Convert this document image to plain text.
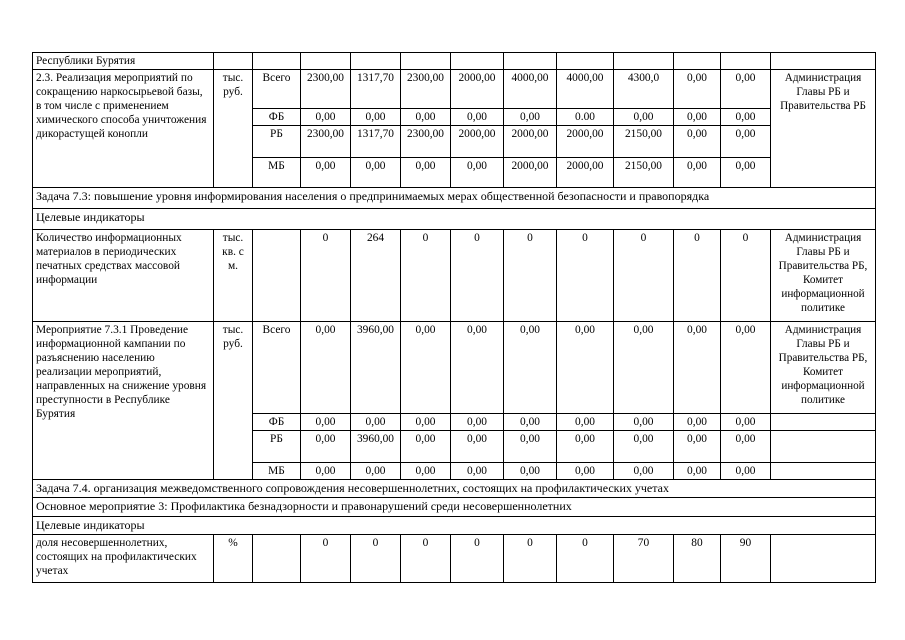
Республики Бурятия												
2.3. Реализация мероприятий по сокращению наркосырьевой базы, в том числе с применением химического способа уничтожения дикорастущей конопли	тыс. руб.	Всего	2300,00	1317,70	2300,00	2000,00	4000,00	4000,00	4300,0	0,00	0,00	Администрация Главы РБ и Правительства РБ
		ФБ	0,00	0,00	0,00	0,00	0,00	0.00	0,00	0,00	0,00	
		РБ	2300,00	1317,70	2300,00	2000,00	2000,00	2000,00	2150,00	0,00	0,00	
		МБ	0,00	0,00	0,00	0,00	2000,00	2000,00	2150,00	0,00	0,00	
Задача 7.3: повышение уровня информирования населения о предпринимаемых мерах общественной безопасности и правопорядка												
Целевые индикаторы												
Количество информационных материалов в периодических печатных средствах массовой информации	тыс. кв. с м.		0	264	0	0	0	0	0	0	0	Администрация Главы РБ и Правительства РБ, Комитет информационной политике
Мероприятие 7.3.1 Проведение информационной кампании по разъяснению населению реализации мероприятий, направленных на снижение уровня преступности в Республике Бурятия	тыс. руб.	Всего	0,00	3960,00	0,00	0,00	0,00	0,00	0,00	0,00	0,00	Администрация Главы РБ и Правительства РБ, Комитет информационной политике
		ФБ	0,00	0,00	0,00	0,00	0,00	0,00	0,00	0,00	0,00	
		РБ	0,00	3960,00	0,00	0,00	0,00	0,00	0,00	0,00	0,00	
		МБ	0,00	0,00	0,00	0,00	0,00	0,00	0,00	0,00	0,00	
Задача 7.4. организация межведомственного сопровождения несовершеннолетних, состоящих на профилактических учетах												
Основное мероприятие 3: Профилактика безнадзорности и правонарушений среди несовершеннолетних												
Целевые индикаторы												
доля несовершеннолетних, состоящих на профилактических учетах	%		0	0	0	0	0	0	70	80	90	
